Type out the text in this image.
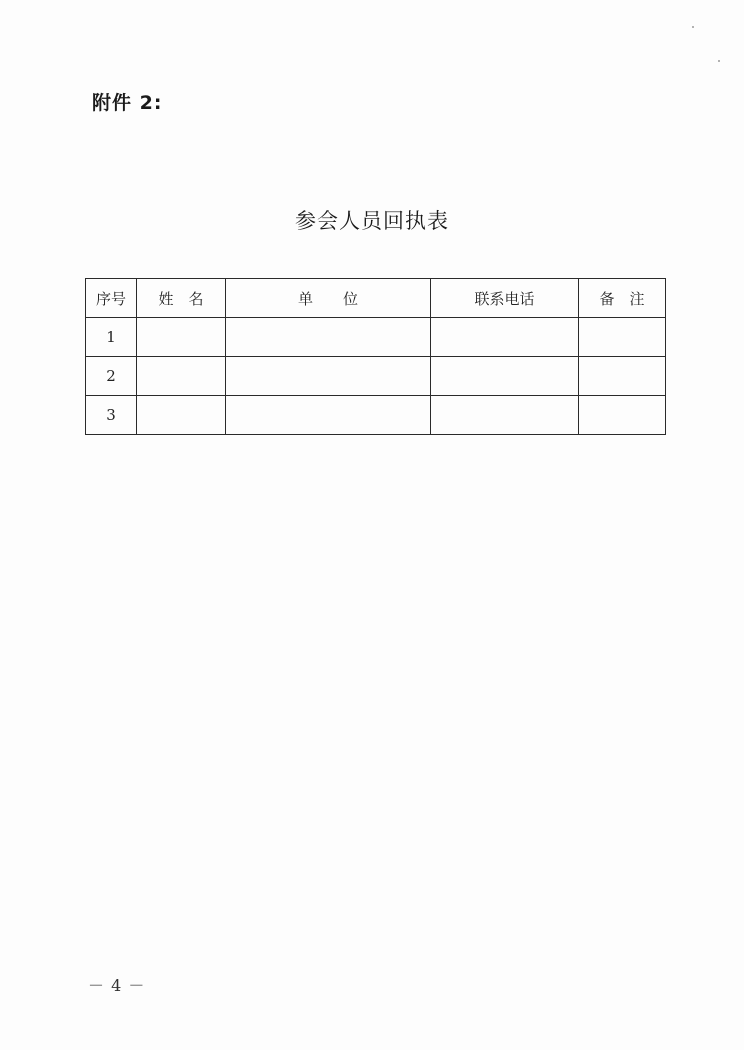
附件 2:
参会人员回执表
序号	姓　名	单　　位	联系电话	备　注
1				
2				
3				
－ 4 －
